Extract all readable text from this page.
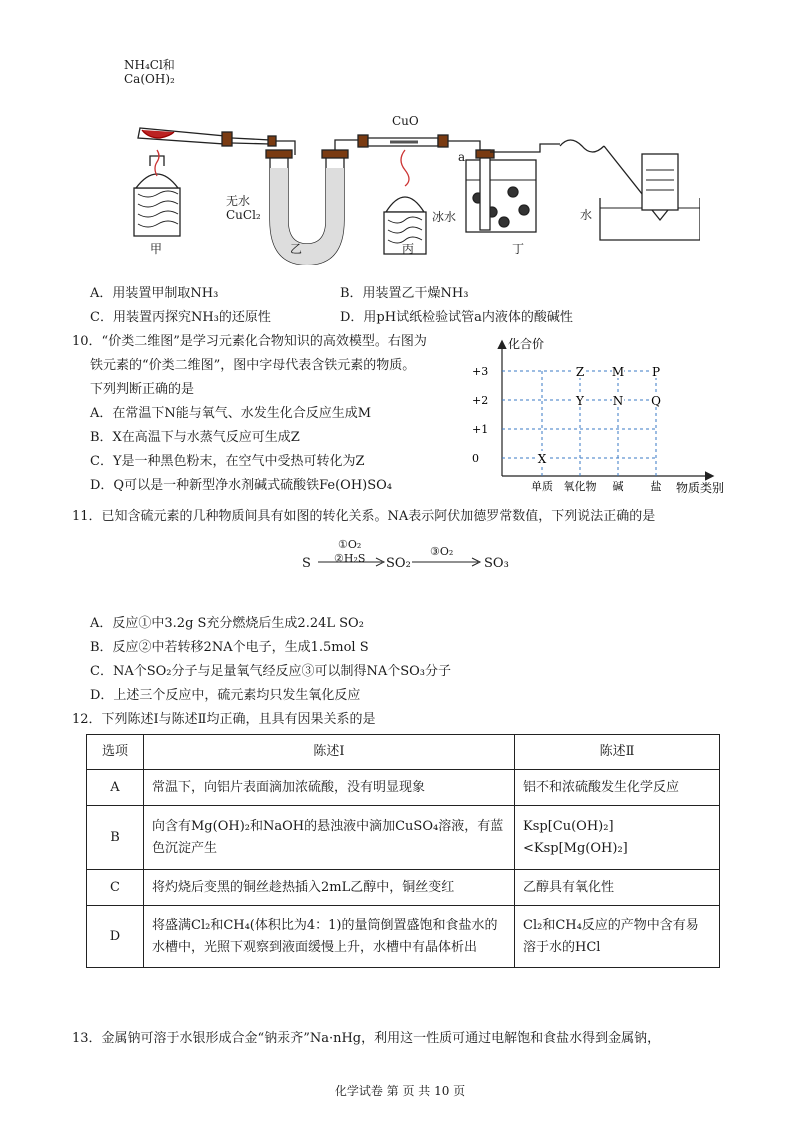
NH₄Cl和
Ca(OH)₂
CuO
无水
CuCl₂	冰水
a
水
甲	乙	丙	丁
A．用装置甲制取NH₃	B．用装置乙干燥NH₃
C．用装置丙探究NH₃的还原性	D．用pH试纸检验试管a内液体的酸碱性
10．“价类二维图”是学习元素化合物知识的高效模型。右图为
铁元素的“价类二维图”，图中字母代表含铁元素的物质。
下列判断正确的是
A．在常温下N能与氧气、水发生化合反应生成M
B．X在高温下与水蒸气反应可生成Z
C．Y是一种黑色粉末，在空气中受热可转化为Z
D．Q可以是一种新型净水剂碱式硫酸铁Fe(OH)SO₄
+3
+2
+1
0
单质 氧化物 碱 盐
X
Y
Z
N
M
Q
P
化合价
物质类别
11．已知含硫元素的几种物质间具有如图的转化关系。NA表示阿伏加德罗常数值，下列说法正确的是
S
①O₂
②H₂S SO₂
③O₂
SO₃
A．反应①中3.2g S充分燃烧后生成2.24L SO₂
B．反应②中若转移2NA个电子，生成1.5mol S
C．NA个SO₂分子与足量氧气经反应③可以制得NA个SO₃分子
D．上述三个反应中，硫元素均只发生氧化反应
12．下列陈述Ⅰ与陈述Ⅱ均正确，且具有因果关系的是
选项	陈述Ⅰ	陈述Ⅱ
A	常温下，向铝片表面滴加浓硫酸，没有明显现象	铝不和浓硫酸发生化学反应
B	向含有Mg(OH)₂和NaOH的悬浊液中滴加CuSO₄溶液，有蓝色沉淀产生	Ksp[Cu(OH)₂]<Ksp[Mg(OH)₂]
C	将灼烧后变黑的铜丝趁热插入2mL乙醇中，铜丝变红	乙醇具有氧化性
D	将盛满Cl₂和CH₄(体积比为4：1)的量筒倒置盛饱和食盐水的水槽中，光照下观察到液面缓慢上升，水槽中有晶体析出	Cl₂和CH₄反应的产物中含有易溶于水的HCl
13．金属钠可溶于水银形成合金“钠汞齐”Na·nHg，利用这一性质可通过电解饱和食盐水得到金属钠，
化学试卷 第 页 共 10 页
